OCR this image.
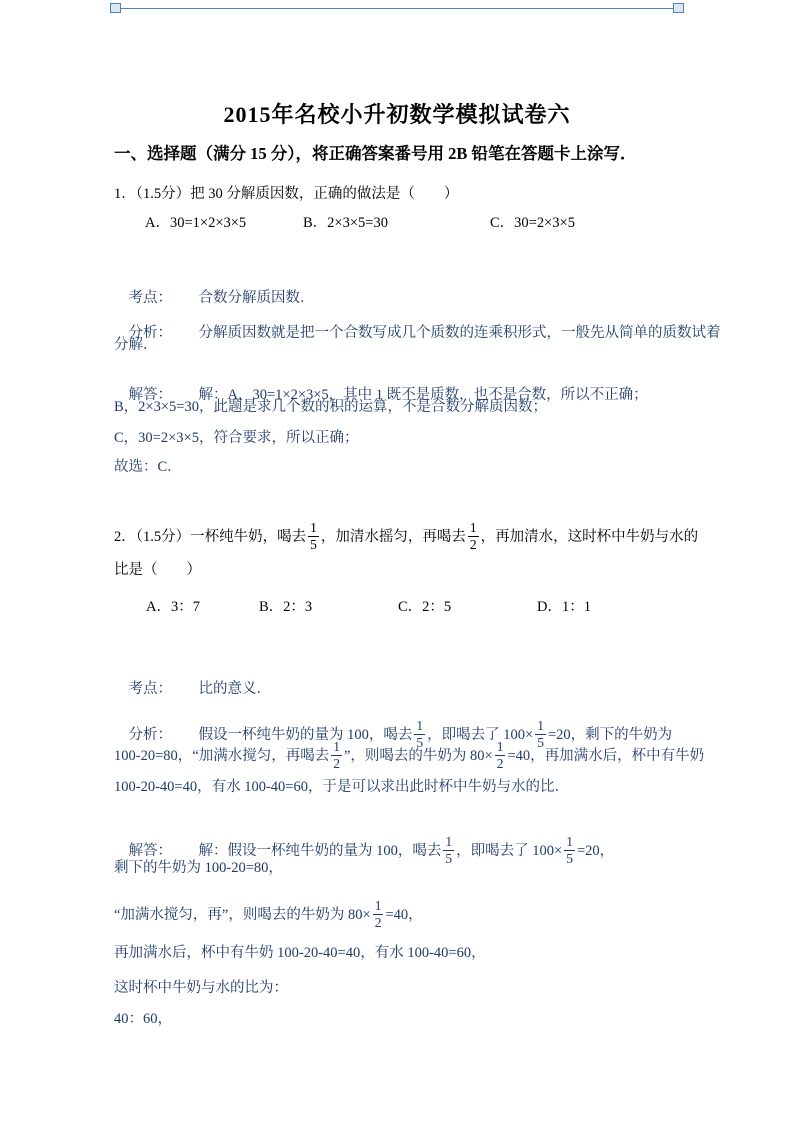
2015年名校小升初数学模拟试卷六
一、选择题（满分 15 分），将正确答案番号用 2B 铅笔在答题卡上涂写．
1．（1.5分）把 30 分解质因数，正确的做法是（　　）
A．30=1×2×3×5	B．2×3×5=30	C．30=2×3×5

考点： 合数分解质因数．

分析： 分解质因数就是把一个合数写成几个质数的连乘积形式，一般先从简单的质数试着

分解．

解答： 解：A，30=1×2×3×5，其中 1 既不是质数，也不是合数，所以不正确；

B，2×3×5=30，此题是求几个数的积的运算，不是合数分解质因数；
C，30=2×3×5，符合要求，所以正确；
故选：C．
2．（1.5分）一杯纯牛奶，喝去 $\frac{1}{5}$ ，加清水摇匀，再喝去 $\frac{1}{2}$ ，再加清水，这时杯中牛奶与水的
比是（　　）
A．3：7	B．2：3	C．2：5	D．1：1

考点： 比的意义．

分析： 假设一杯纯牛奶的量为 100，喝去 $\frac{1}{5}$ ，即喝去了 $100\times \frac{1}{5} =20$，剩下的牛奶为

100-20=80，“加满水搅匀，再喝去 $\frac{1}{2}$ ”，则喝去的牛奶为 $80\times \frac{1}{2} =40$，再加满水后，杯中有牛奶
100-20-40=40，有水 100-40=60，于是可以求出此时杯中牛奶与水的比．

解答： 解：假设一杯纯牛奶的量为 100，喝去 $\frac{1}{5}$ ，即喝去了 $100\times \frac{1}{5} =20$，

剩下的牛奶为 100-20=80，
“加满水搅匀，再”，则喝去的牛奶为 $80\times \frac{1}{2} =40$，
再加满水后，杯中有牛奶 100-20-40=40，有水 100-40=60，
这时杯中牛奶与水的比为：
40：60，
